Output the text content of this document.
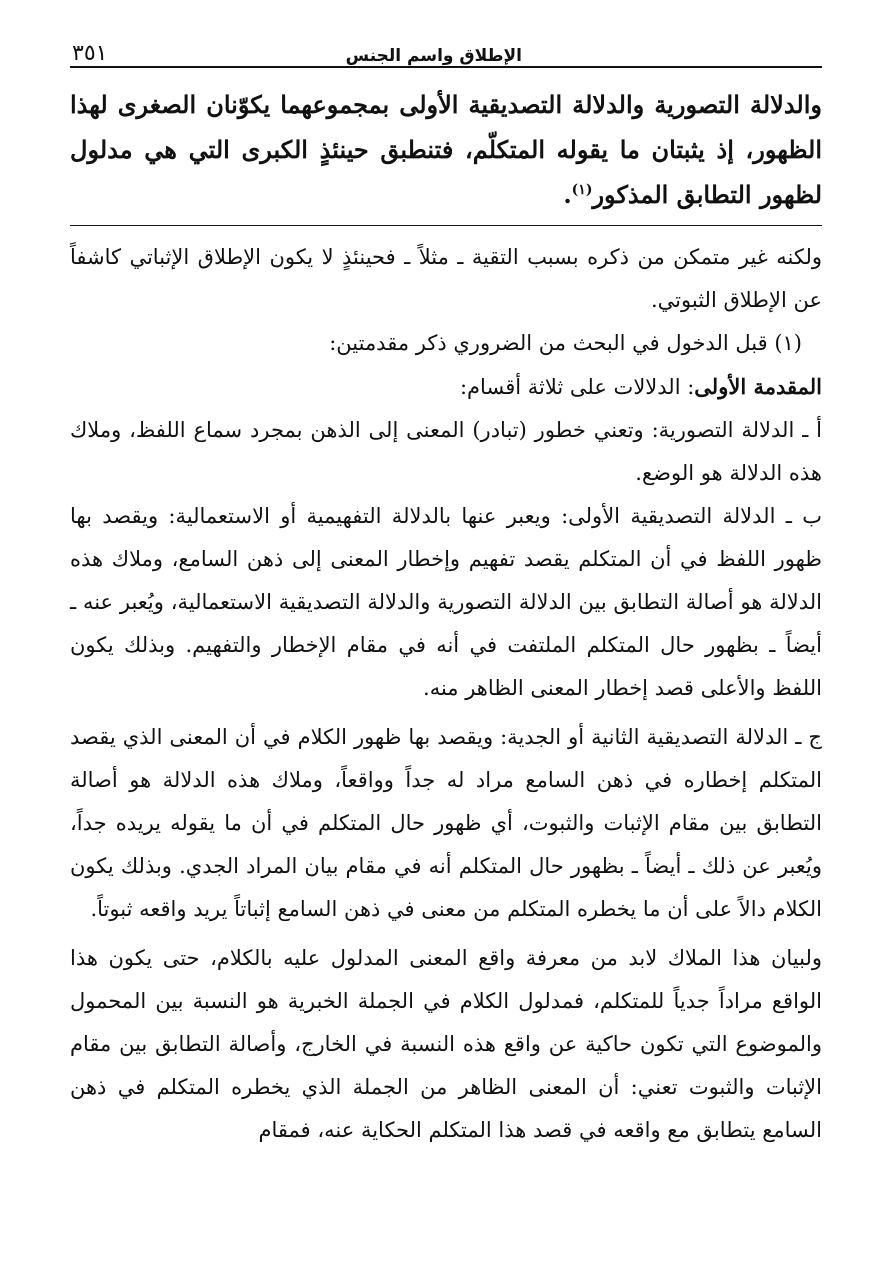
الإطلاق واسم الجنس
٣٥١
والدلالة التصورية والدلالة التصديقية الأولى بمجموعهما يكوّنان الصغرى لهذا الظهور، إذ يثبتان ما يقوله المتكلّم، فتنطبق حينئذٍ الكبرى التي هي مدلول لظهور التطابق المذكور$^{(١)}$.

ولكنه غير متمكن من ذكره بسبب التقية ـ مثلاً ـ فحينئذٍ لا يكون الإطلاق الإثباتي كاشفاً عن الإطلاق الثبوتي.

(١) قبل الدخول في البحث من الضروري ذكر مقدمتين:

المقدمة الأولى: الدلالات على ثلاثة أقسام:

أ ـ الدلالة التصورية: وتعني خطور (تبادر) المعنى إلى الذهن بمجرد سماع اللفظ، وملاك هذه الدلالة هو الوضع.

ب ـ الدلالة التصديقية الأولى: ويعبر عنها بالدلالة التفهيمية أو الاستعمالية: ويقصد بها ظهور اللفظ في أن المتكلم يقصد تفهيم وإخطار المعنى إلى ذهن السامع، وملاك هذه الدلالة هو أصالة التطابق بين الدلالة التصورية والدلالة التصديقية الاستعمالية، ويُعبر عنه ـ أيضاً ـ بظهور حال المتكلم الملتفت في أنه في مقام الإخطار والتفهيم. وبذلك يكون اللفظ والأعلى قصد إخطار المعنى الظاهر منه.

ج ـ الدلالة التصديقية الثانية أو الجدية: ويقصد بها ظهور الكلام في أن المعنى الذي يقصد المتكلم إخطاره في ذهن السامع مراد له جداً وواقعاً، وملاك هذه الدلالة هو أصالة التطابق بين مقام الإثبات والثبوت، أي ظهور حال المتكلم في أن ما يقوله يريده جداً، ويُعبر عن ذلك ـ أيضاً ـ بظهور حال المتكلم أنه في مقام بيان المراد الجدي. وبذلك يكون الكلام دالاً على أن ما يخطره المتكلم من معنى في ذهن السامع إثباتاً يريد واقعه ثبوتاً.

ولبيان هذا الملاك لابد من معرفة واقع المعنى المدلول عليه بالكلام، حتى يكون هذا الواقع مراداً جدياً للمتكلم، فمدلول الكلام في الجملة الخبرية هو النسبة بين المحمول والموضوع التي تكون حاكية عن واقع هذه النسبة في الخارج، وأصالة التطابق بين مقام الإثبات والثبوت تعني: أن المعنى الظاهر من الجملة الذي يخطره المتكلم في ذهن السامع يتطابق مع واقعه في قصد هذا المتكلم الحكاية عنه، فمقام
